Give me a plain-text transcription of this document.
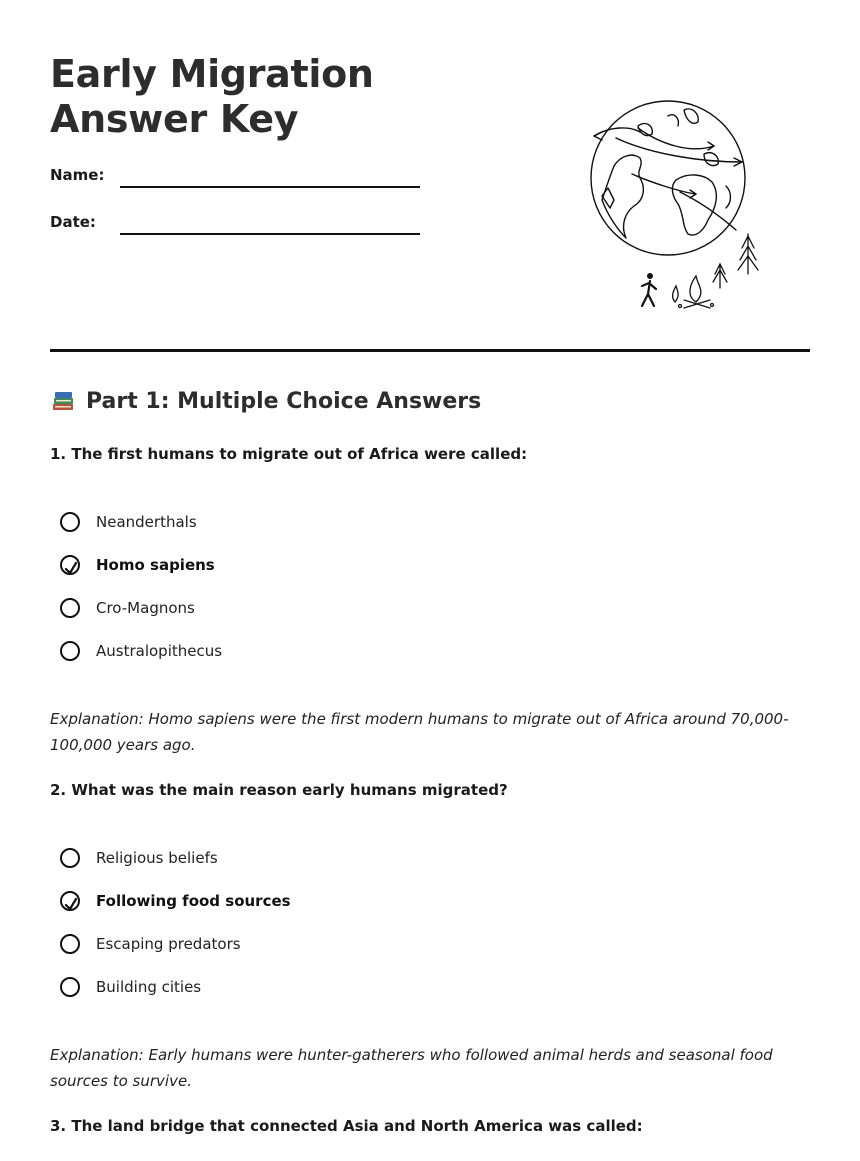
Early Migration Answer Key
Name:
Date:
Part 1: Multiple Choice Answers
1. The first humans to migrate out of Africa were called:
Neanderthals
Homo sapiens
Cro-Magnons
Australopithecus
Explanation: Homo sapiens were the first modern humans to migrate out of Africa around 70,000-100,000 years ago.
2. What was the main reason early humans migrated?
Religious beliefs
Following food sources
Escaping predators
Building cities
Explanation: Early humans were hunter-gatherers who followed animal herds and seasonal food sources to survive.
3. The land bridge that connected Asia and North America was called:
